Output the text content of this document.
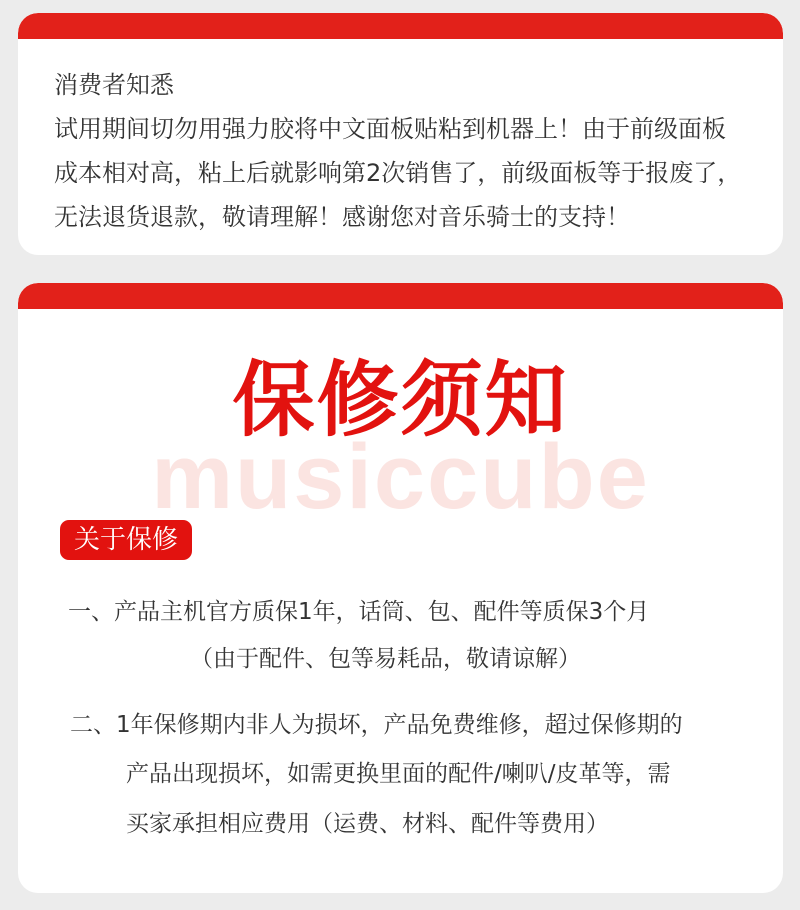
消费者知悉
试用期间切勿用强力胶将中文面板贴粘到机器上！由于前级面板
成本相对高，粘上后就影响第2次销售了，前级面板等于报废了，
无法退货退款，敬请理解！感谢您对音乐骑士的支持！
保修须知
musiccube
关于保修
一、产品主机官方质保1年，话筒、包、配件等质保3个月
（由于配件、包等易耗品，敬请谅解）
二、1年保修期内非人为损坏，产品免费维修，超过保修期的
产品出现损坏，如需更换里面的配件/喇叭/皮革等，需
买家承担相应费用（运费、材料、配件等费用）
